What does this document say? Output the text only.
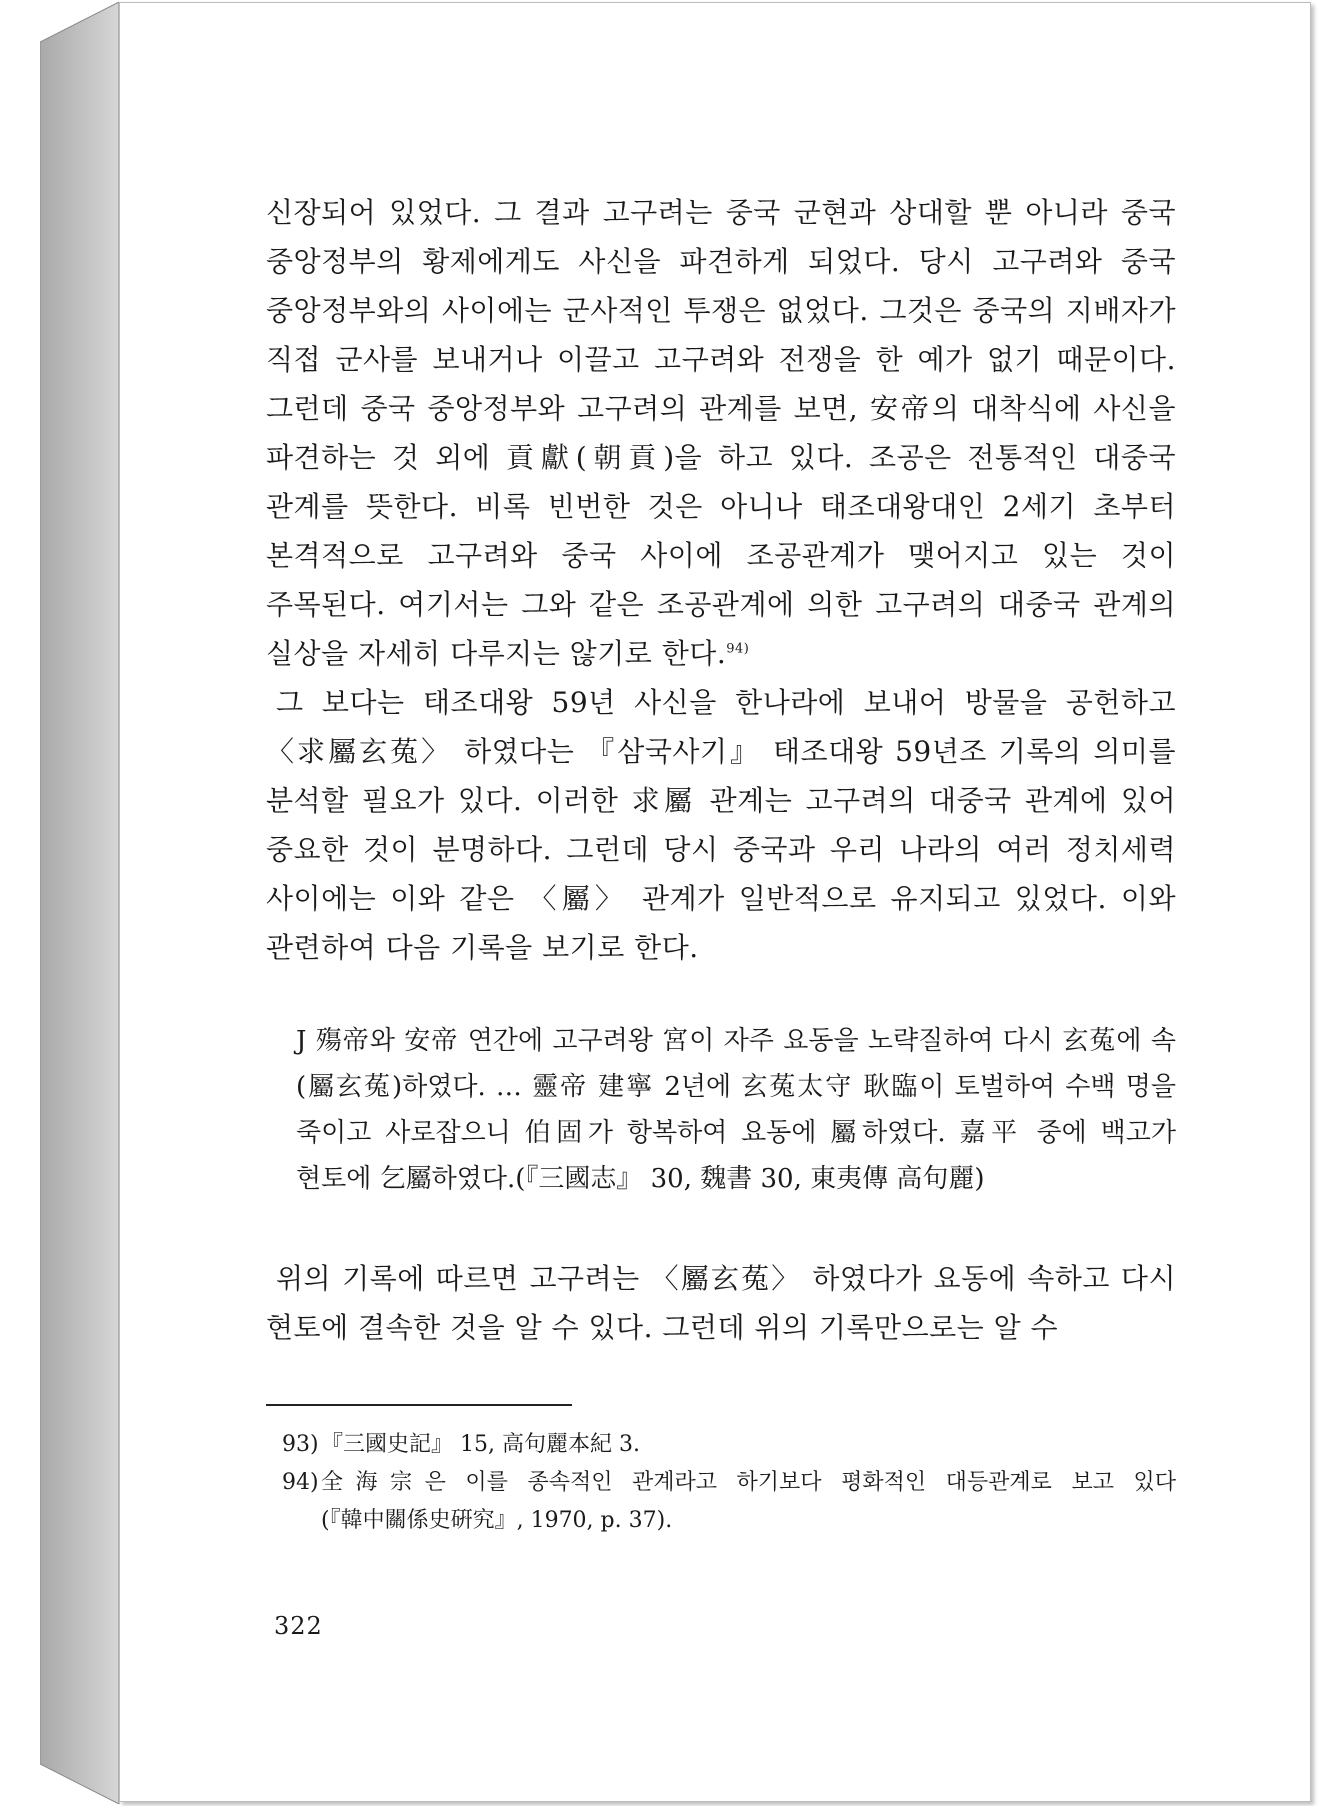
신장되어 있었다. 그 결과 고구려는 중국 군현과 상대할 뿐 아니라 중국 중앙정부의 황제에게도 사신을 파견하게 되었다. 당시 고구려와 중국 중앙정부와의 사이에는 군사적인 투쟁은 없었다. 그것은 중국의 지배자가 직접 군사를 보내거나 이끌고 고구려와 전쟁을 한 예가 없기 때문이다. 그런데 중국 중앙정부와 고구려의 관계를 보면, 安帝의 대착식에 사신을 파견하는 것 외에 貢獻(朝貢)을 하고 있다. 조공은 전통적인 대중국 관계를 뜻한다. 비록 빈번한 것은 아니나 태조대왕대인 2세기 초부터 본격적으로 고구려와 중국 사이에 조공관계가 맺어지고 있는 것이 주목된다. 여기서는 그와 같은 조공관계에 의한 고구려의 대중국 관계의 실상을 자세히 다루지는 않기로 한다.$^{94)}$

그 보다는 태조대왕 59년 사신을 한나라에 보내어 방물을 공헌하고 〈求屬玄菟〉 하였다는 『삼국사기』 태조대왕 59년조 기록의 의미를 분석할 필요가 있다. 이러한 求屬 관계는 고구려의 대중국 관계에 있어 중요한 것이 분명하다. 그런데 당시 중국과 우리 나라의 여러 정치세력 사이에는 이와 같은 〈屬〉 관계가 일반적으로 유지되고 있었다. 이와 관련하여 다음 기록을 보기로 한다.

J 殤帝와 安帝 연간에 고구려왕 宮이 자주 요동을 노략질하여 다시 玄菟에 속(屬玄菟)하였다. … 靈帝 建寧 2년에 玄菟太守 耿臨이 토벌하여 수백 명을 죽이고 사로잡으니 伯固가 항복하여 요동에 屬하였다. 嘉平 중에 백고가 현토에 乞屬하였다.(『三國志』 30, 魏書 30, 東夷傳 高句麗)

위의 기록에 따르면 고구려는 〈屬玄菟〉 하였다가 요동에 속하고 다시 현토에 결속한 것을 알 수 있다. 그런데 위의 기록만으로는 알 수

93) 『三國史記』 15, 高句麗本紀 3.
94) 全海宗은 이를 종속적인 관계라고 하기보다 평화적인 대등관계로 보고 있다(『韓中關係史硏究』, 1970, p. 37).
322
